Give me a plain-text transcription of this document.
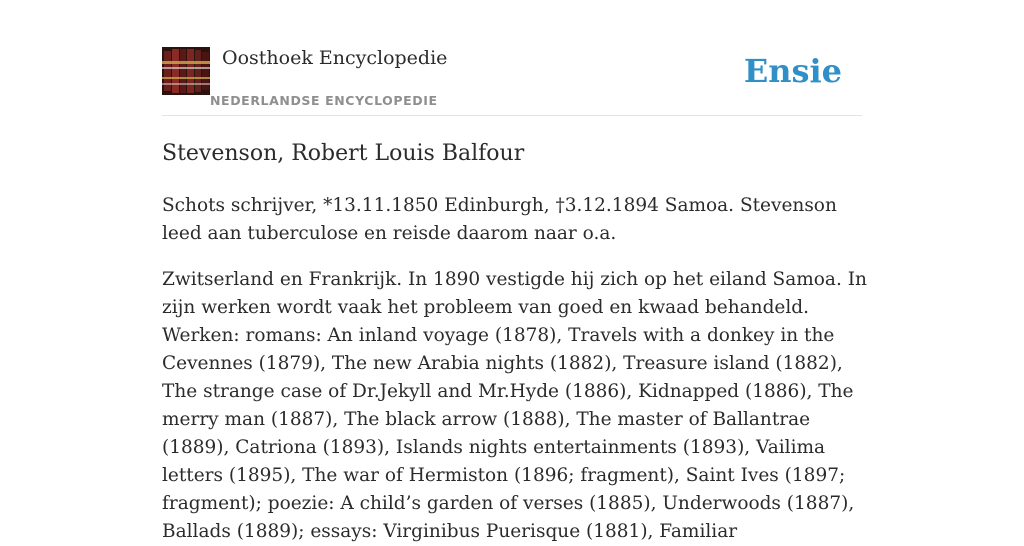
Oosthoek Encyclopedie
NEDERLANDSE ENCYCLOPEDIE
Ensie
Stevenson, Robert Louis Balfour

Schots schrijver, *13.11.1850 Edinburgh, †3.12.1894 Samoa. Stevenson leed aan tuberculose en reisde daarom naar o.a.

Zwitserland en Frankrijk. In 1890 vestigde hij zich op het eiland Samoa. In zijn werken wordt vaak het probleem van goed en kwaad behandeld. Werken: romans: An inland voyage (1878), Travels with a donkey in the Cevennes (1879), The new Arabia nights (1882), Treasure island (1882), The strange case of Dr.Jekyll and Mr.Hyde (1886), Kidnapped (1886), The merry man (1887), The black arrow (1888), The master of Ballantrae (1889), Catriona (1893), Islands nights entertainments (1893), Vailima letters (1895), The war of Hermiston (1896; fragment), Saint Ives (1897; fragment); poezie: A child’s garden of verses (1885), Underwoods (1887), Ballads (1889); essays: Virginibus Puerisque (1881), Familiar
